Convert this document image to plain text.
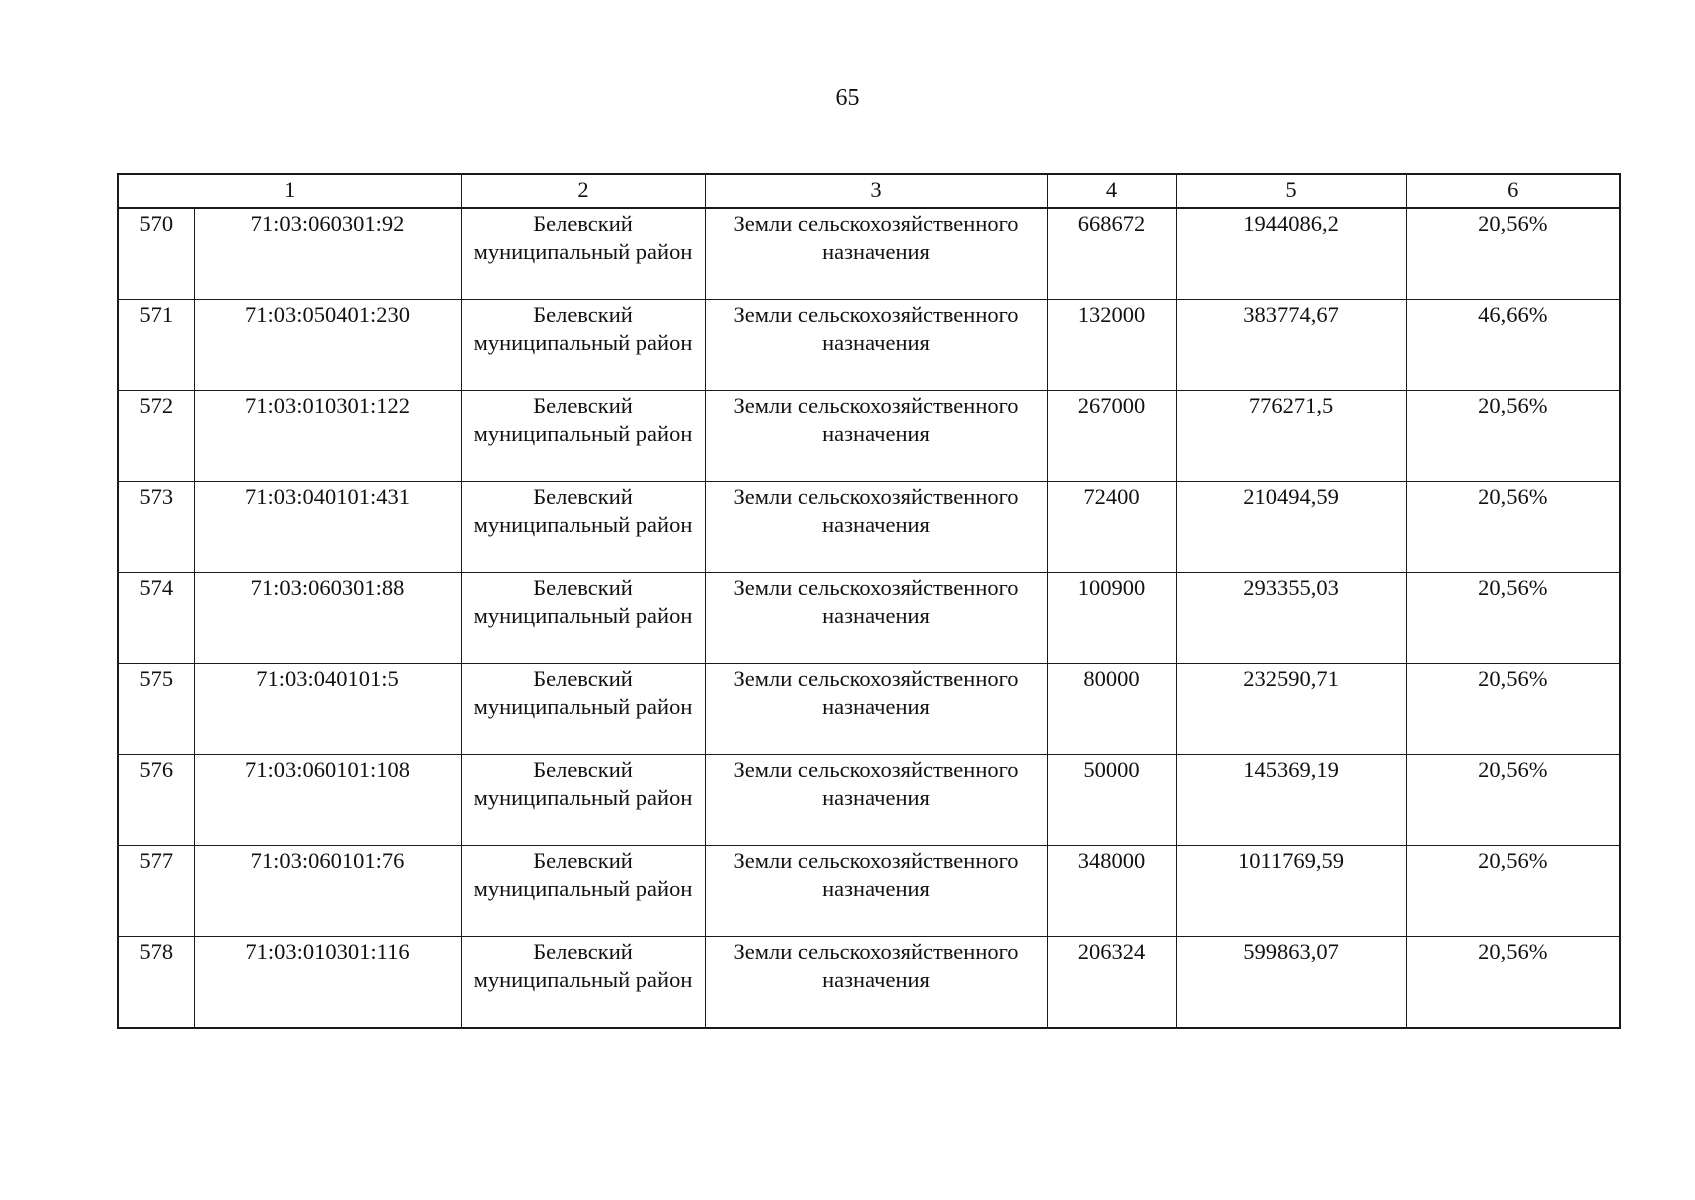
65
1		2	3	4	5	6
570	71:03:060301:92	Белевский муниципальный район	Земли сельскохозяйственного назначения	668672	1944086,2	20,56%
571	71:03:050401:230	Белевский муниципальный район	Земли сельскохозяйственного назначения	132000	383774,67	46,66%
572	71:03:010301:122	Белевский муниципальный район	Земли сельскохозяйственного назначения	267000	776271,5	20,56%
573	71:03:040101:431	Белевский муниципальный район	Земли сельскохозяйственного назначения	72400	210494,59	20,56%
574	71:03:060301:88	Белевский муниципальный район	Земли сельскохозяйственного назначения	100900	293355,03	20,56%
575	71:03:040101:5	Белевский муниципальный район	Земли сельскохозяйственного назначения	80000	232590,71	20,56%
576	71:03:060101:108	Белевский муниципальный район	Земли сельскохозяйственного назначения	50000	145369,19	20,56%
577	71:03:060101:76	Белевский муниципальный район	Земли сельскохозяйственного назначения	348000	1011769,59	20,56%
578	71:03:010301:116	Белевский муниципальный район	Земли сельскохозяйственного назначения	206324	599863,07	20,56%
